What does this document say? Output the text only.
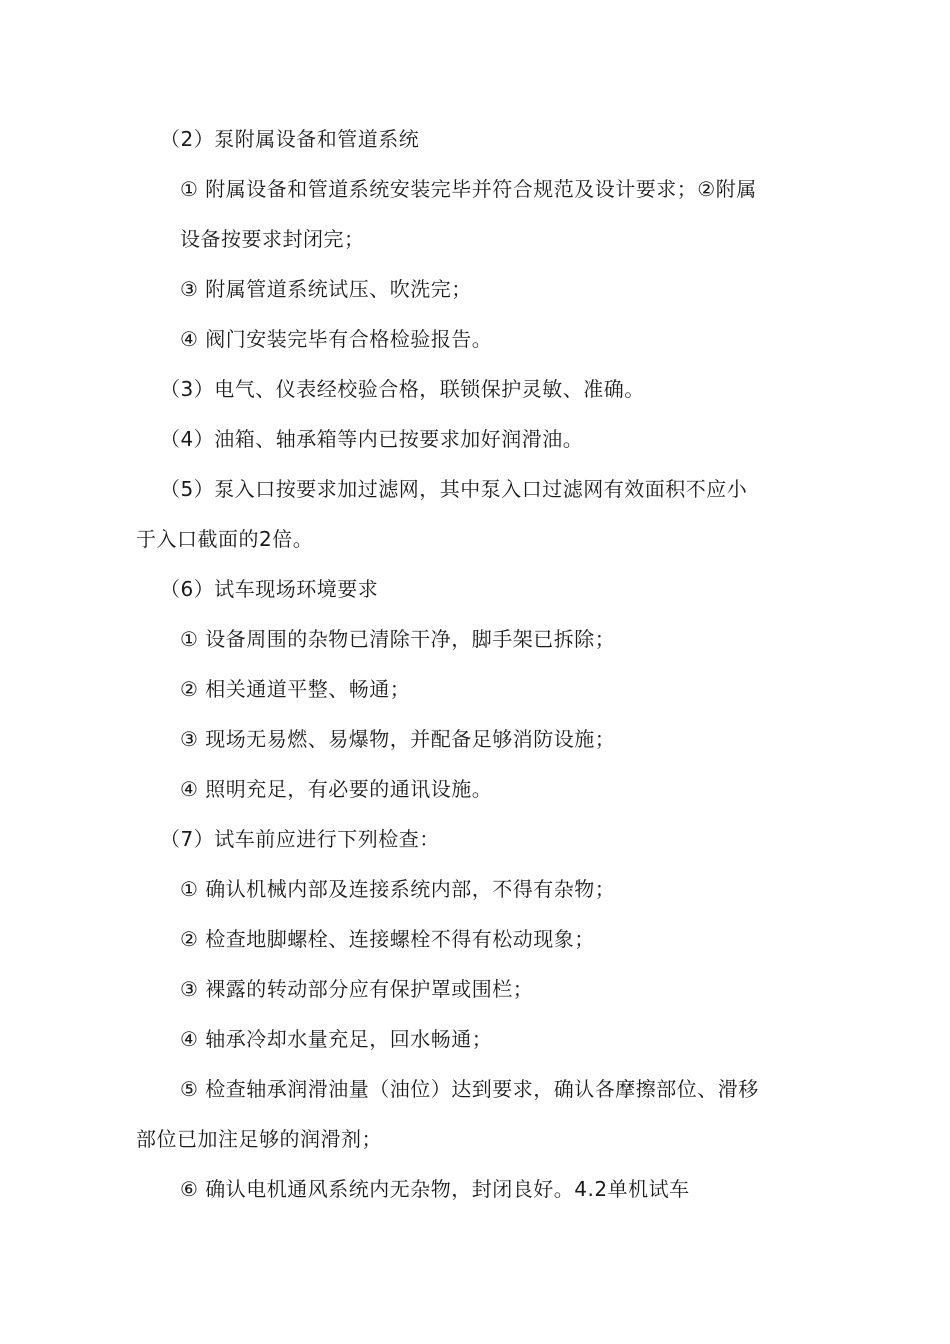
（2）泵附属设备和管道系统
① 附属设备和管道系统安装完毕并符合规范及设计要求；②附属
设备按要求封闭完；
③ 附属管道系统试压、吹洗完；
④ 阀门安装完毕有合格检验报告。
（3）电气、仪表经校验合格，联锁保护灵敏、准确。
（4）油箱、轴承箱等内已按要求加好润滑油。
（5）泵入口按要求加过滤网，其中泵入口过滤网有效面积不应小
于入口截面的2倍。
（6）试车现场环境要求
① 设备周围的杂物已清除干净，脚手架已拆除；
② 相关通道平整、畅通；
③ 现场无易燃、易爆物，并配备足够消防设施；
④ 照明充足，有必要的通讯设施。
（7）试车前应进行下列检查：
① 确认机械内部及连接系统内部，不得有杂物；
② 检查地脚螺栓、连接螺栓不得有松动现象；
③ 裸露的转动部分应有保护罩或围栏；
④ 轴承冷却水量充足，回水畅通；
⑤ 检查轴承润滑油量（油位）达到要求，确认各摩擦部位、滑移
部位已加注足够的润滑剂；
⑥ 确认电机通风系统内无杂物，封闭良好。4.2单机试车
